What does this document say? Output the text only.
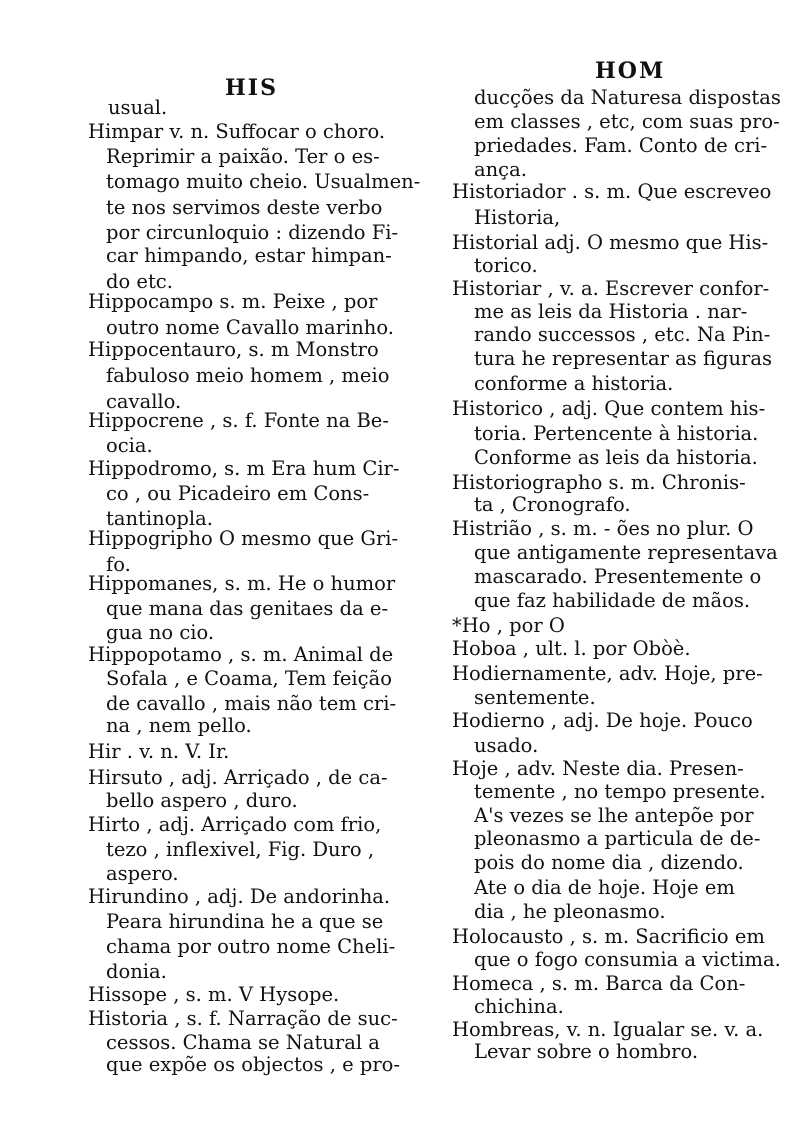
HIS
HOM
usual.
Himpar v. n. Suffocar o choro.
Reprimir a paixão. Ter o es-
tomago muito cheio. Usualmen-
te nos servimos deste verbo
por circunloquio : dizendo Fi-
car himpando, estar himpan-
do etc.
Hippocampo s. m. Peixe , por
outro nome Cavallo marinho.
Hippocentauro, s. m Monstro
fabuloso meio homem , meio
cavallo.
Hippocrene , s. f. Fonte na Be-
ocia.
Hippodromo, s. m Era hum Cir-
co , ou Picadeiro em Cons-
tantinopla.
Hippogripho O mesmo que Gri-
fo.
Hippomanes, s. m. He o humor
que mana das genitaes da e-
gua no cio.
Hippopotamo , s. m. Animal de
Sofala , e Coama, Tem feição
de cavallo , mais não tem cri-
na , nem pello.
Hir . v. n. V. Ir.
Hirsuto , adj. Arriçado , de ca-
bello aspero , duro.
Hirto , adj. Arriçado com frio,
tezo , inflexivel, Fig. Duro ,
aspero.
Hirundino , adj. De andorinha.
Peara hirundina he a que se
chama por outro nome Cheli-
donia.
Hissope , s. m. V Hysope.
Historia , s. f. Narração de suc-
cessos. Chama se Natural a
que expõe os objectos , e pro-
ducções da Naturesa dispostas
em classes , etc, com suas pro-
priedades. Fam. Conto de cri-
ança.
Historiador . s. m. Que escreveo
Historia,
Historial adj. O mesmo que His-
torico.
Historiar , v. a. Escrever confor-
me as leis da Historia . nar-
rando successos , etc. Na Pin-
tura he representar as figuras
conforme a historia.
Historico , adj. Que contem his-
toria. Pertencente à historia.
Conforme as leis da historia.
Historiographo s. m. Chronis-
ta , Cronografo.
Histrião , s. m. - ões no plur. O
que antigamente representava
mascarado. Presentemente o
que faz habilidade de mãos.
*Ho , por O
Hoboa , ult. l. por Obòè.
Hodiernamente, adv. Hoje, pre-
sentemente.
Hodierno , adj. De hoje. Pouco
usado.
Hoje , adv. Neste dia. Presen-
temente , no tempo presente.
A's vezes se lhe antepõe por
pleonasmo a particula de de-
pois do nome dia , dizendo.
Ate o dia de hoje. Hoje em
dia , he pleonasmo.
Holocausto , s. m. Sacrificio em
que o fogo consumia a victima.
Homeca , s. m. Barca da Con-
chichina.
Hombreas, v. n. Igualar se. v. a.
Levar sobre o hombro.
